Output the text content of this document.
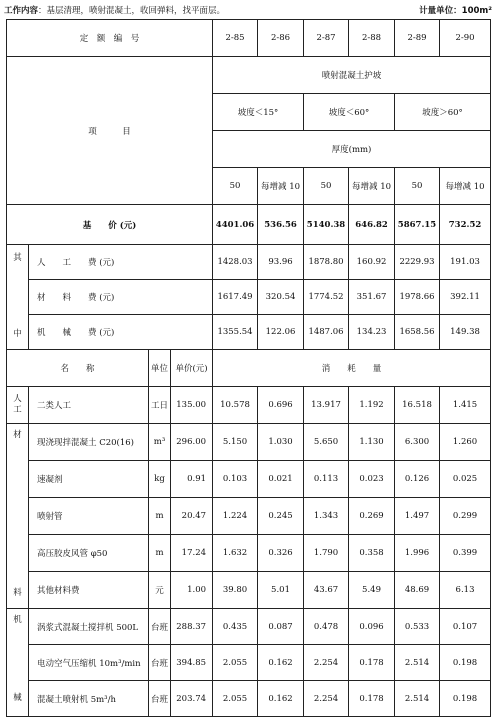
工作内容：基层清理，喷射混凝土，收回弹料，找平面层。	计量单位：100m²
定　额　编　号				2-85	2-86	2-87	2-88	2-89	2-90
项　　　目				喷射混凝土护坡					
				坡度＜15°		坡度＜60°		坡度＞60°	
				厚度(mm)					
				50	每增减 10	50	每增减 10	50	每增减 10
基　　价 (元)				4401.06	536.56	5140.38	646.82	5867.15	732.52

其
中	人　　工　　费 (元)			1428.03	93.96	1878.80	160.92	2229.93	191.03
	材　　料　　费 (元)			1617.49	320.54	1774.52	351.67	1978.66	392.11
	机　　械　　费 (元)			1355.54	122.06	1487.06	134.23	1658.56	149.38
名　　称		单位	单价(元)	消　　耗　　量					

人
工	二类人工	工日	135.00	10.578	0.696	13.917	1.192	16.518	1.415

材
料	现浇现拌混凝土 C20(16)	m³	296.00	5.150	1.030	5.650	1.130	6.300	1.260
	速凝剂	kg	0.91	0.103	0.021	0.113	0.023	0.126	0.025
	喷射管	m	20.47	1.224	0.245	1.343	0.269	1.497	0.299
	高压胶皮风管 φ50	m	17.24	1.632	0.326	1.790	0.358	1.996	0.399
	其他材料费	元	1.00	39.80	5.01	43.67	5.49	48.69	6.13

机
械	涡浆式混凝土搅拌机 500L	台班	288.37	0.435	0.087	0.478	0.096	0.533	0.107
	电动空气压缩机 10m³/min	台班	394.85	2.055	0.162	2.254	0.178	2.514	0.198
	混凝土喷射机 5m³/h	台班	203.74	2.055	0.162	2.254	0.178	2.514	0.198
